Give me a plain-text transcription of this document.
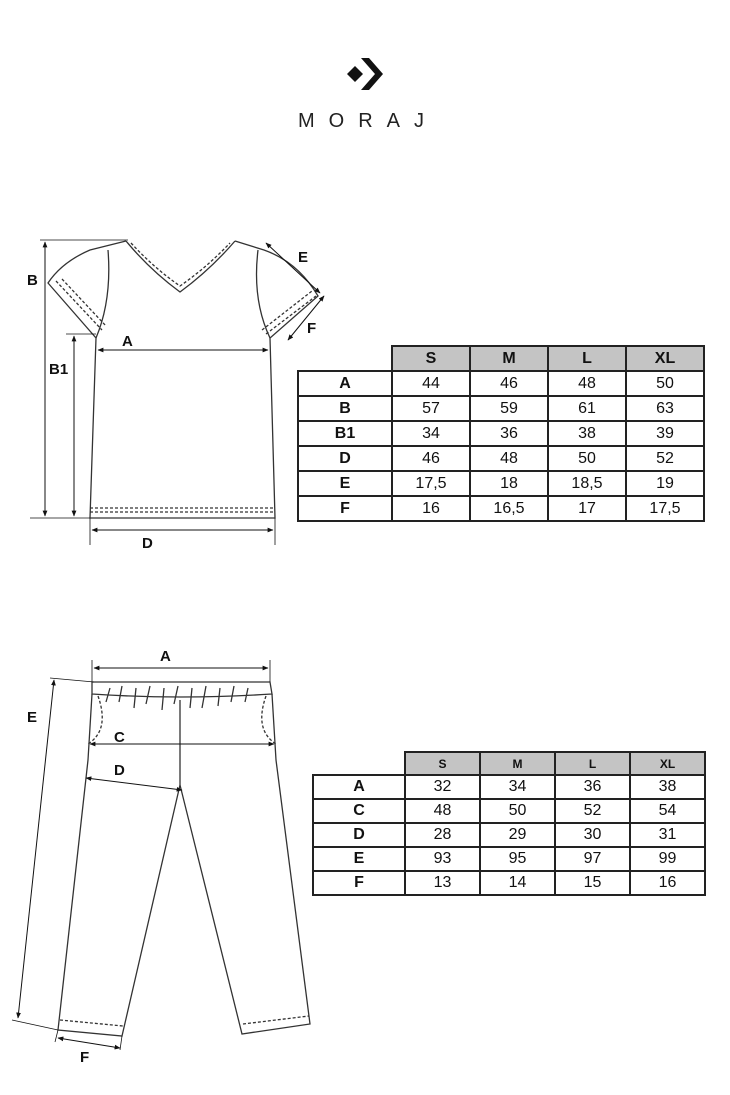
MORAJ
B
B1
A
D
E
F
A
C
D
E
F
	S	M	L	XL
A	44	46	48	50
B	57	59	61	63
B1	34	36	38	39
D	46	48	50	52
E	17,5	18	18,5	19
F	16	16,5	17	17,5
	S	M	L	XL
A	32	34	36	38
C	48	50	52	54
D	28	29	30	31
E	93	95	97	99
F	13	14	15	16
